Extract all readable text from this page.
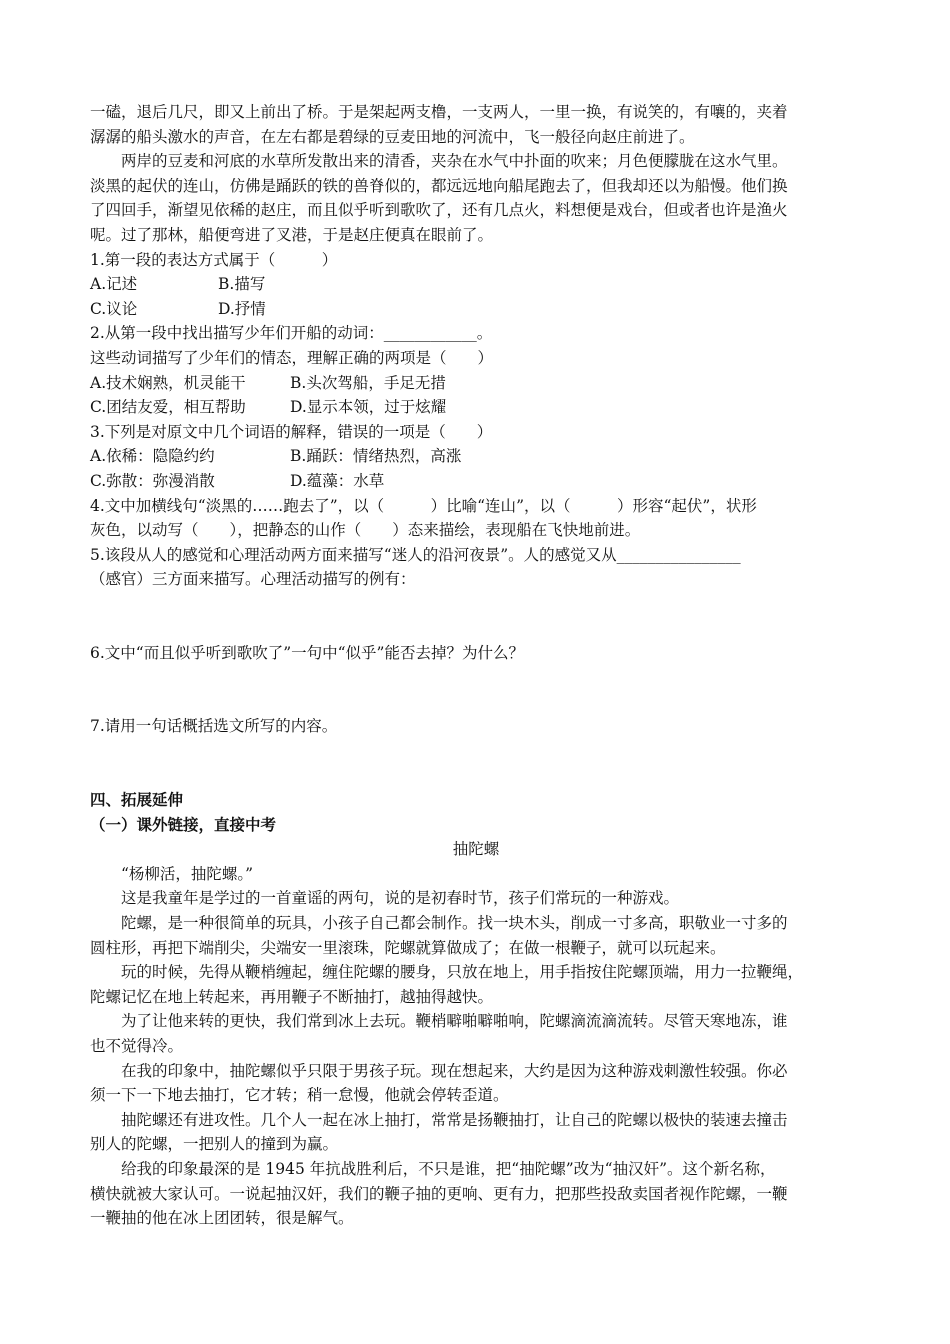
一磕，退后几尺，即又上前出了桥。于是架起两支橹，一支两人，一里一换，有说笑的，有嚷的，夹着
潺潺的船头激水的声音，在左右都是碧绿的豆麦田地的河流中，飞一般径向赵庄前进了。
两岸的豆麦和河底的水草所发散出来的清香，夹杂在水气中扑面的吹来；月色便朦胧在这水气里。
淡黑的起伏的连山，仿佛是踊跃的铁的兽脊似的，都远远地向船尾跑去了，但我却还以为船慢。他们换
了四回手，渐望见依稀的赵庄，而且似乎听到歌吹了，还有几点火，料想便是戏台，但或者也许是渔火
呢。过了那林，船便弯进了叉港，于是赵庄便真在眼前了。
1.第一段的表达方式属于（　　　）
A.记述	B.描写
C.议论	D.抒情
2.从第一段中找出描写少年们开船的动词：____________。
这些动词描写了少年们的情态，理解正确的两项是（　　）
A.技术娴熟，机灵能干	B.头次驾船，手足无措
C.团结友爱，相互帮助	D.显示本领，过于炫耀
3.下列是对原文中几个词语的解释，错误的一项是（　　）
A.依稀：隐隐约约	B.踊跃：情绪热烈，高涨
C.弥散：弥漫消散	D.蕴藻：水草
4.文中加横线句“淡黑的……跑去了”，以（　　　）比喻“连山”，以（　　　）形容“起伏”，状形
灰色，以动写（　　），把静态的山作（　　）态来描绘，表现船在飞快地前进。
5.该段从人的感觉和心理活动两方面来描写“迷人的沿河夜景”。人的感觉又从________________
（感官）三方面来描写。心理活动描写的例有：
6.文中“而且似乎听到歌吹了”一句中“似乎”能否去掉？为什么？
7.请用一句话概括选文所写的内容。
四、拓展延伸
（一）课外链接，直接中考
抽陀螺
“杨柳活，抽陀螺。”
这是我童年是学过的一首童谣的两句，说的是初春时节，孩子们常玩的一种游戏。
陀螺，是一种很简单的玩具，小孩子自己都会制作。找一块木头，削成一寸多高，职敬业一寸多的
圆柱形，再把下端削尖，尖端安一里滚珠，陀螺就算做成了；在做一根鞭子，就可以玩起来。
玩的时候，先得从鞭梢缠起，缠住陀螺的腰身，只放在地上，用手指按住陀螺顶端，用力一拉鞭绳，
陀螺记忆在地上转起来，再用鞭子不断抽打，越抽得越快。
为了让他来转的更快，我们常到冰上去玩。鞭梢噼啪噼啪响，陀螺滴流滴流转。尽管天寒地冻，谁
也不觉得冷。
在我的印象中，抽陀螺似乎只限于男孩子玩。现在想起来，大约是因为这种游戏刺激性较强。你必
须一下一下地去抽打，它才转；稍一怠慢，他就会停转歪道。
抽陀螺还有进攻性。几个人一起在冰上抽打，常常是扬鞭抽打，让自己的陀螺以极快的装速去撞击
别人的陀螺，一把别人的撞到为赢。
给我的印象最深的是 1945 年抗战胜利后，不只是谁，把“抽陀螺”改为“抽汉奸”。这个新名称，
横快就被大家认可。一说起抽汉奸，我们的鞭子抽的更响、更有力，把那些投敌卖国者视作陀螺，一鞭
一鞭抽的他在冰上团团转，很是解气。
